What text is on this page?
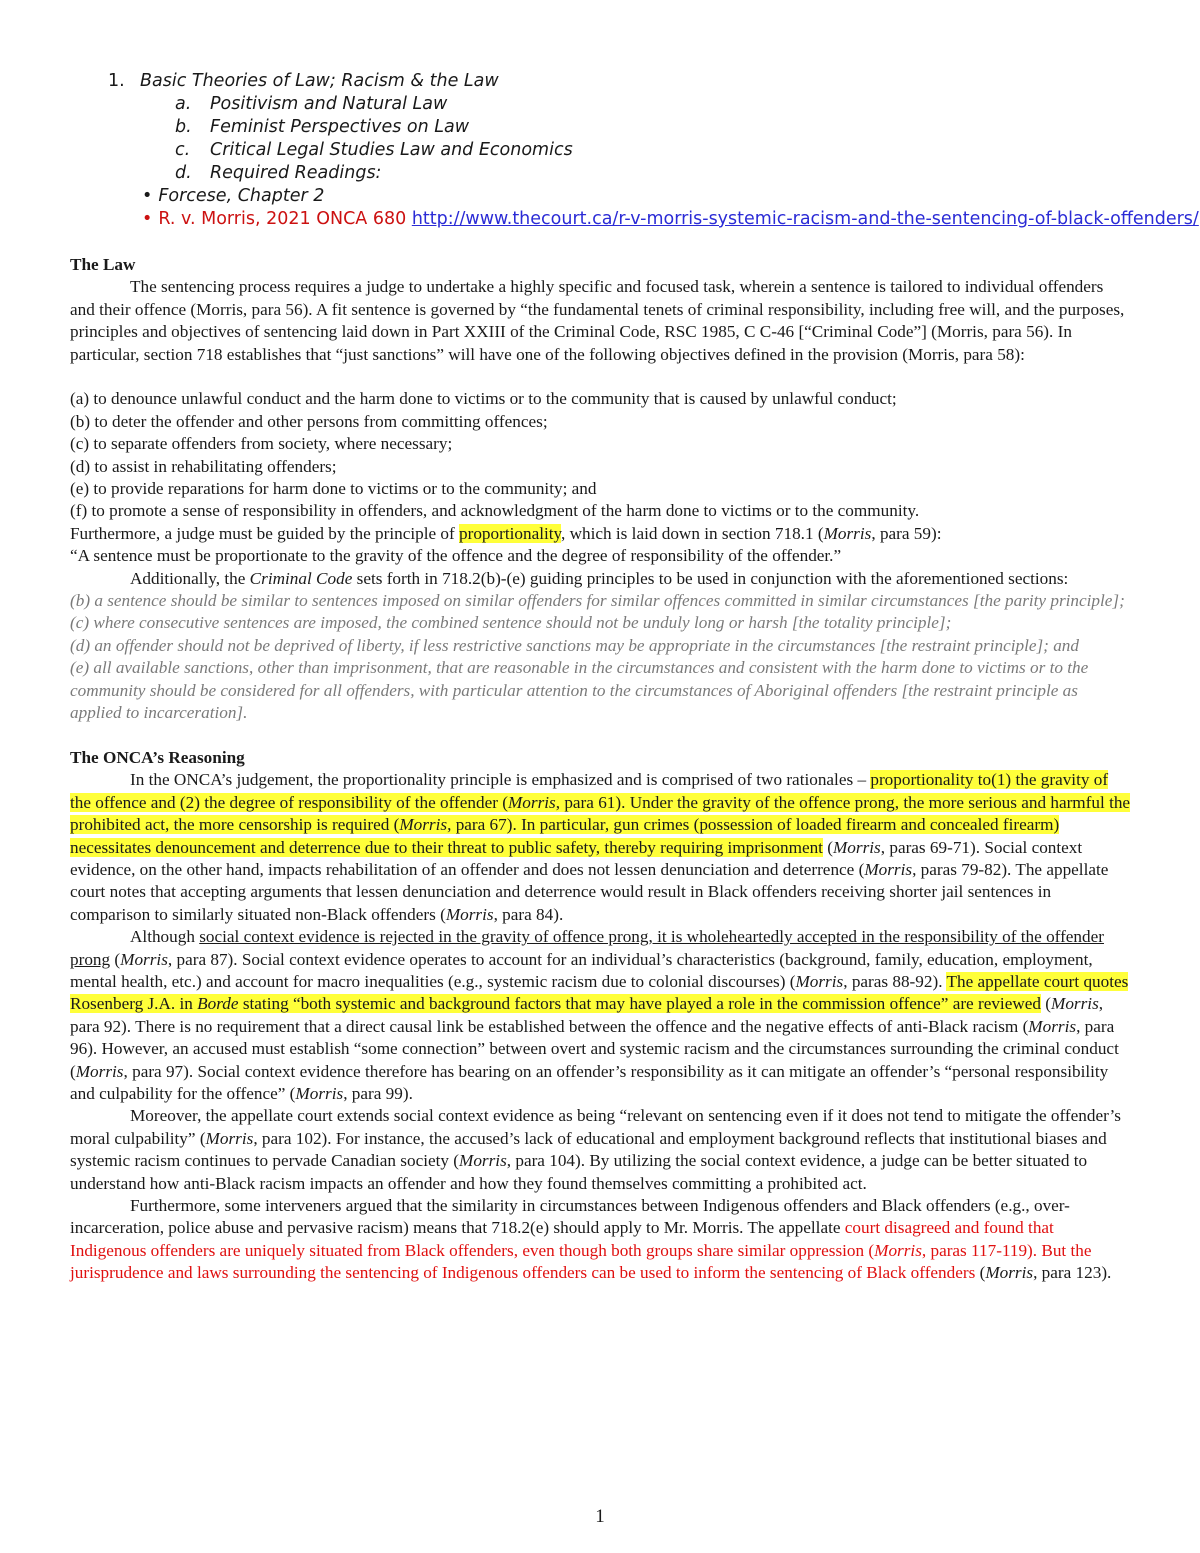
1. Basic Theories of Law; Racism & the Law
a. Positivism and Natural Law
b. Feminist Perspectives on Law
c. Critical Legal Studies Law and Economics
d. Required Readings:
• Forcese, Chapter 2
• R. v. Morris, 2021 ONCA 680 http://www.thecourt.ca/r-v-morris-systemic-racism-and-the-sentencing-of-black-offenders/
The Law

The sentencing process requires a judge to undertake a highly specific and focused task, wherein a sentence is tailored to individual offenders and their offence (Morris, para 56). A fit sentence is governed by “the fundamental tenets of criminal responsibility, including free will, and the purposes, principles and objectives of sentencing laid down in Part XXIII of the Criminal Code, RSC 1985, C C-46 [“Criminal Code”] (Morris, para 56). In particular, section 718 establishes that “just sanctions” will have one of the following objectives defined in the provision (Morris, para 58):

(a) to denounce unlawful conduct and the harm done to victims or to the community that is caused by unlawful conduct;

(b) to deter the offender and other persons from committing offences;

(c) to separate offenders from society, where necessary;

(d) to assist in rehabilitating offenders;

(e) to provide reparations for harm done to victims or to the community; and

(f) to promote a sense of responsibility in offenders, and acknowledgment of the harm done to victims or to the community.

Furthermore, a judge must be guided by the principle of proportionality, which is laid down in section 718.1 (Morris, para 59):

“A sentence must be proportionate to the gravity of the offence and the degree of responsibility of the offender.”

Additionally, the Criminal Code sets forth in 718.2(b)-(e) guiding principles to be used in conjunction with the aforementioned sections:

(b) a sentence should be similar to sentences imposed on similar offenders for similar offences committed in similar circumstances [the parity principle];

(c) where consecutive sentences are imposed, the combined sentence should not be unduly long or harsh [the totality principle];

(d) an offender should not be deprived of liberty, if less restrictive sanctions may be appropriate in the circumstances [the restraint principle]; and

(e) all available sanctions, other than imprisonment, that are reasonable in the circumstances and consistent with the harm done to victims or to the community should be considered for all offenders, with particular attention to the circumstances of Aboriginal offenders [the restraint principle as applied to incarceration].

The ONCA’s Reasoning

In the ONCA’s judgement, the proportionality principle is emphasized and is comprised of two rationales – proportionality to(1) the gravity of the offence and (2) the degree of responsibility of the offender (Morris, para 61). Under the gravity of the offence prong, the more serious and harmful the prohibited act, the more censorship is required (Morris, para 67). In particular, gun crimes (possession of loaded firearm and concealed firearm) necessitates denouncement and deterrence due to their threat to public safety, thereby requiring imprisonment (Morris, paras 69-71). Social context evidence, on the other hand, impacts rehabilitation of an offender and does not lessen denunciation and deterrence (Morris, paras 79-82). The appellate court notes that accepting arguments that lessen denunciation and deterrence would result in Black offenders receiving shorter jail sentences in comparison to similarly situated non-Black offenders (Morris, para 84).

Although social context evidence is rejected in the gravity of offence prong, it is wholeheartedly accepted in the responsibility of the offender prong (Morris, para 87). Social context evidence operates to account for an individual’s characteristics (background, family, education, employment, mental health, etc.) and account for macro inequalities (e.g., systemic racism due to colonial discourses) (Morris, paras 88-92). The appellate court quotes Rosenberg J.A. in Borde stating “both systemic and background factors that may have played a role in the commission offence” are reviewed (Morris, para 92). There is no requirement that a direct causal link be established between the offence and the negative effects of anti-Black racism (Morris, para 96). However, an accused must establish “some connection” between overt and systemic racism and the circumstances surrounding the criminal conduct (Morris, para 97). Social context evidence therefore has bearing on an offender’s responsibility as it can mitigate an offender’s “personal responsibility and culpability for the offence” (Morris, para 99).

Moreover, the appellate court extends social context evidence as being “relevant on sentencing even if it does not tend to mitigate the offender’s moral culpability” (Morris, para 102). For instance, the accused’s lack of educational and employment background reflects that institutional biases and systemic racism continues to pervade Canadian society (Morris, para 104). By utilizing the social context evidence, a judge can be better situated to understand how anti-Black racism impacts an offender and how they found themselves committing a prohibited act.

Furthermore, some interveners argued that the similarity in circumstances between Indigenous offenders and Black offenders (e.g., over-incarceration, police abuse and pervasive racism) means that 718.2(e) should apply to Mr. Morris. The appellate court disagreed and found that Indigenous offenders are uniquely situated from Black offenders, even though both groups share similar oppression (Morris, paras 117-119). But the jurisprudence and laws surrounding the sentencing of Indigenous offenders can be used to inform the sentencing of Black offenders (Morris, para 123).

1
